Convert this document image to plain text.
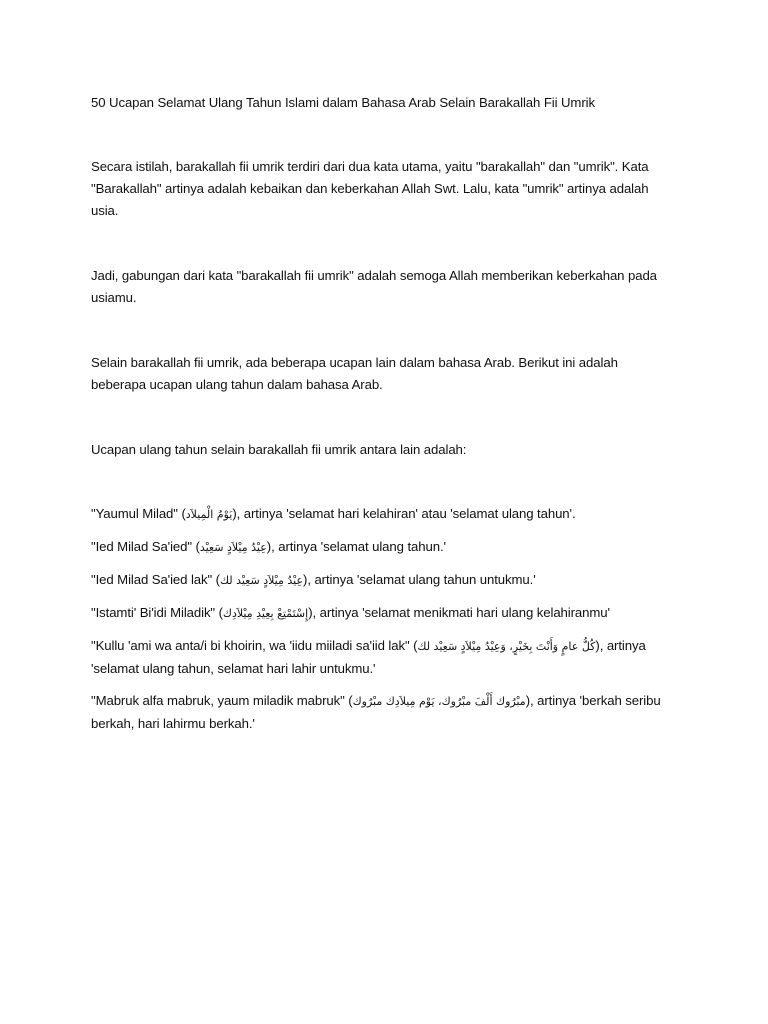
50 Ucapan Selamat Ulang Tahun Islami dalam Bahasa Arab Selain Barakallah Fii Umrik

Secara istilah, barakallah fii umrik terdiri dari dua kata utama, yaitu "barakallah" dan "umrik". Kata "Barakallah" artinya adalah kebaikan dan keberkahan Allah Swt. Lalu, kata "umrik" artinya adalah usia.

Jadi, gabungan dari kata "barakallah fii umrik" adalah semoga Allah memberikan keberkahan pada usiamu.

Selain barakallah fii umrik, ada beberapa ucapan lain dalam bahasa Arab. Berikut ini adalah beberapa ucapan ulang tahun dalam bahasa Arab.

Ucapan ulang tahun selain barakallah fii umrik antara lain adalah:

"Yaumul Milad" (يَوْمُ الْمِيلاَد), artinya 'selamat hari kelahiran' atau 'selamat ulang tahun'.
"Ied Milad Sa'ied" (عِيْدُ مِيْلاَدٍ سَعِيْد), artinya 'selamat ulang tahun.'
"Ied Milad Sa'ied lak" (عِيْدُ مِيْلاَدٍ سَعِيْد لك), artinya 'selamat ulang tahun untukmu.'
"Istamti' Bi'idi Miladik" (إِسْتَمْتِعْ بِعِيْدِ مِيْلاَدِك), artinya 'selamat menikmati hari ulang kelahiranmu'
"Kullu 'ami wa anta/i bi khoirin, wa 'iidu miiladi sa'iid lak" (كُلُّ عامٍ وَأَنْتَ بِخَيْرٍ، وَعِيْدُ مِيْلاَدٍ سَعِيْد لك), artinya 'selamat ulang tahun, selamat hari lahir untukmu.'
"Mabruk alfa mabruk, yaum miladik mabruk" (مبْرُوك أَلْفَ مبْرُوك، يَوْم مِيلاَدِك مبْرُوك), artinya 'berkah seribu berkah, hari lahirmu berkah.'
